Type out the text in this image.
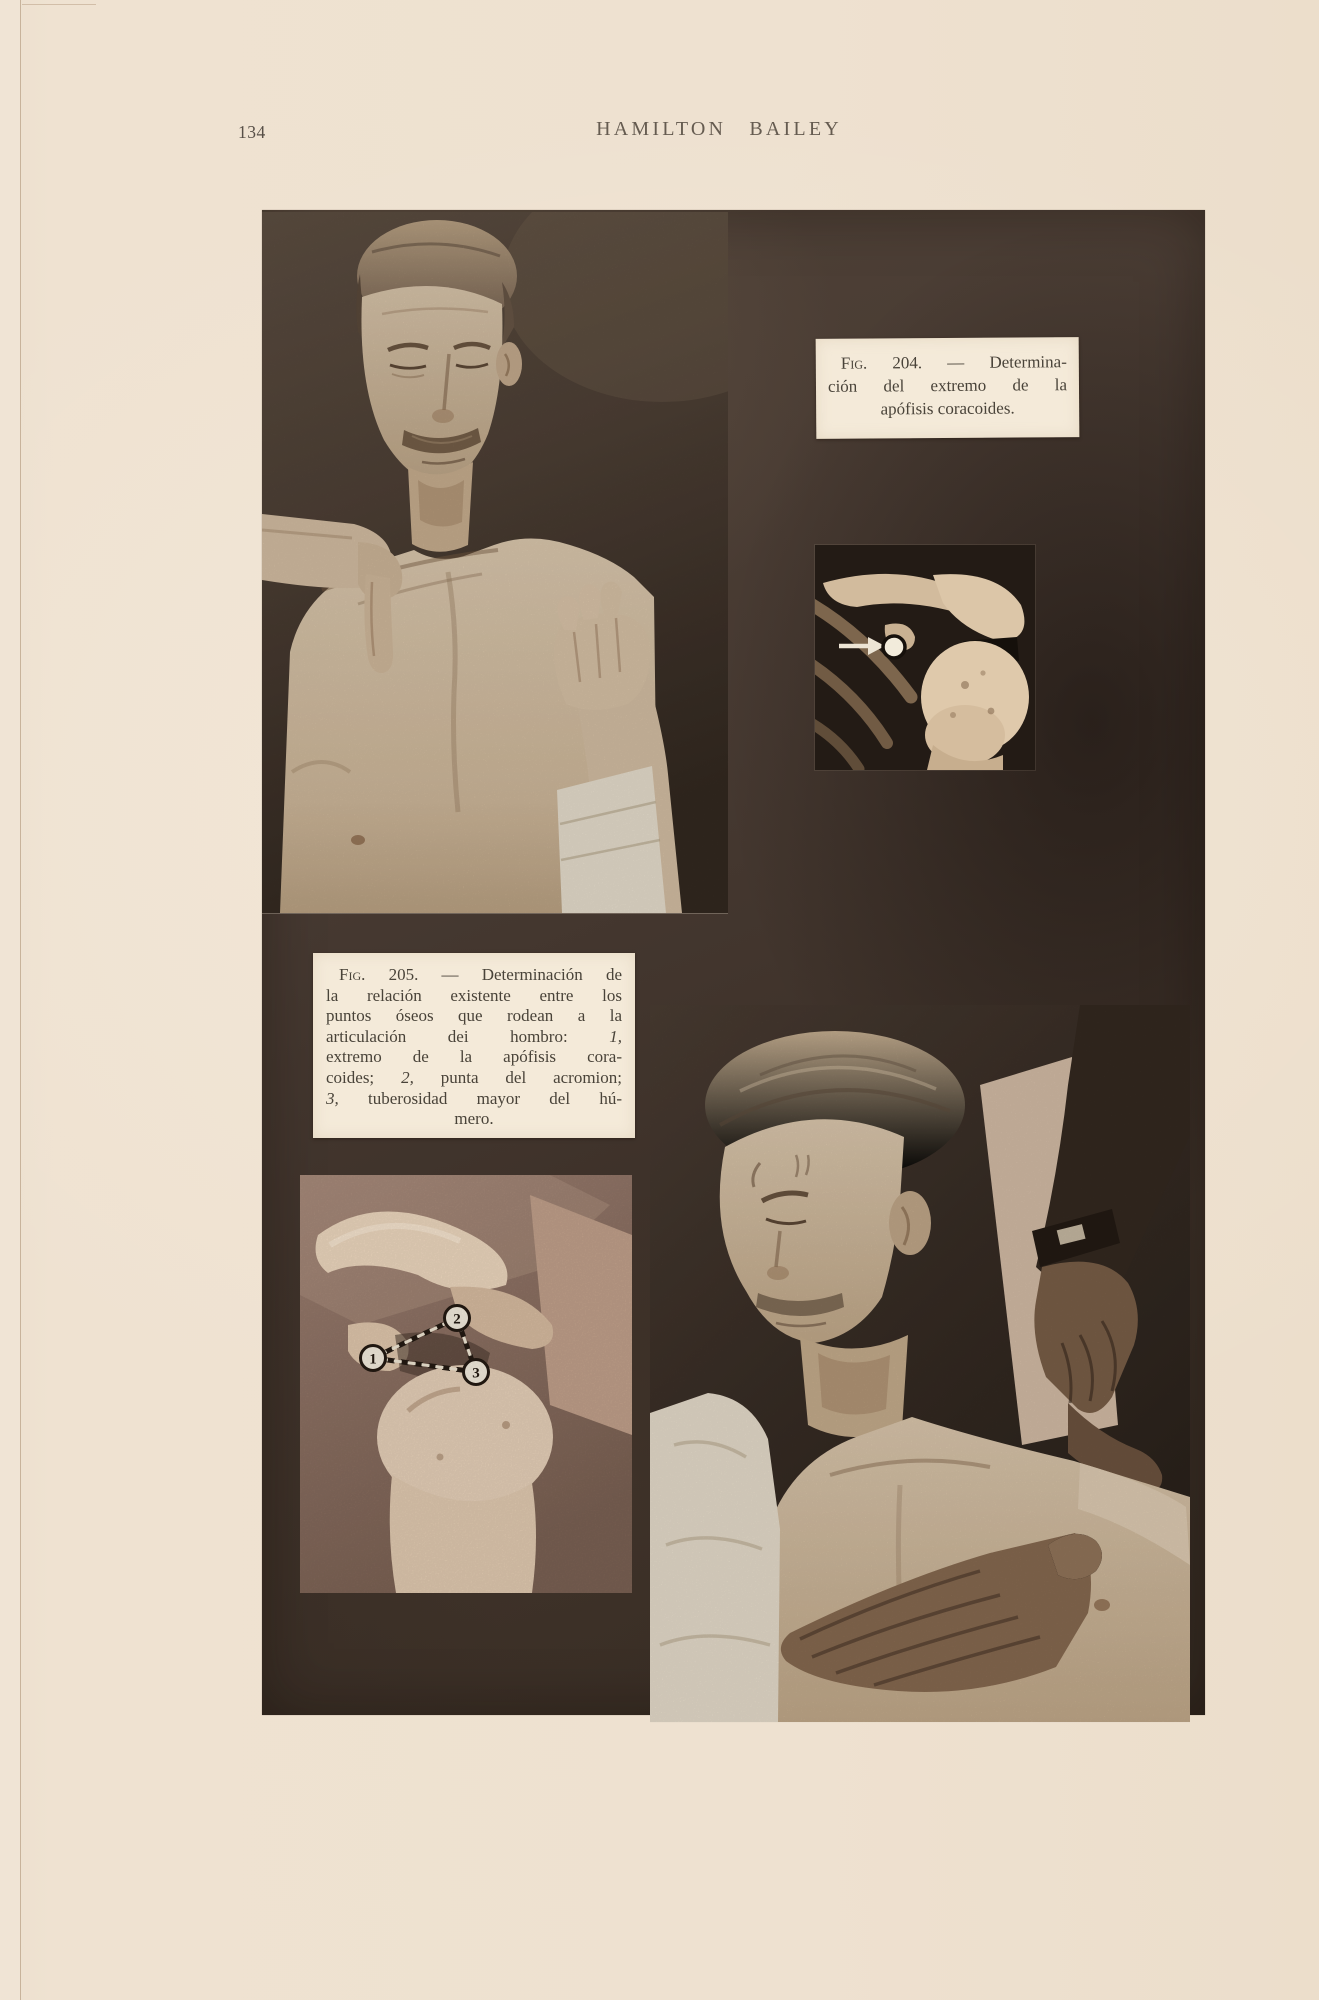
134	HAMILTON BAILEY
Fig. 204. — Determina-
ción del extremo de la
apófisis coracoides.
Fig. 205. — Determinación de
la relación existente entre los
puntos óseos que rodean a la
articulación dei hombro: 1,
extremo de la apófisis cora-
coides; 2, punta del acromion;
3, tuberosidad mayor del hú-
mero.
1
2
3
